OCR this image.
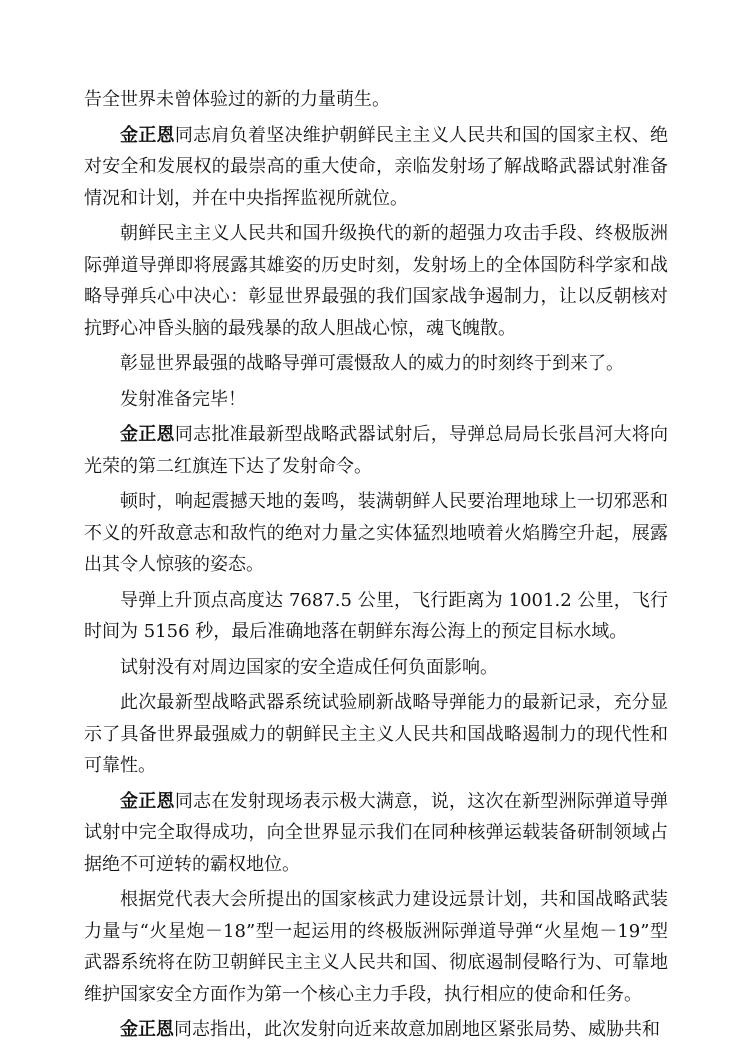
告全世界未曾体验过的新的力量萌生。

金正恩同志肩负着坚决维护朝鲜民主主义人民共和国的国家主权、绝对安全和发展权的最崇高的重大使命，亲临发射场了解战略武器试射准备情况和计划，并在中央指挥监视所就位。

朝鲜民主主义人民共和国升级换代的新的超强力攻击手段、终极版洲际弹道导弹即将展露其雄姿的历史时刻，发射场上的全体国防科学家和战略导弹兵心中决心：彰显世界最强的我们国家战争遏制力，让以反朝核对抗野心冲昏头脑的最残暴的敌人胆战心惊，魂飞魄散。

彰显世界最强的战略导弹可震慑敌人的威力的时刻终于到来了。

发射准备完毕！

金正恩同志批准最新型战略武器试射后，导弹总局局长张昌河大将向光荣的第二红旗连下达了发射命令。

顿时，响起震撼天地的轰鸣，装满朝鲜人民要治理地球上一切邪恶和不义的歼敌意志和敌忾的绝对力量之实体猛烈地喷着火焰腾空升起，展露出其令人惊骇的姿态。

导弹上升顶点高度达 7687.5 公里，飞行距离为 1001.2 公里，飞行时间为 5156 秒，最后准确地落在朝鲜东海公海上的预定目标水域。

试射没有对周边国家的安全造成任何负面影响。

此次最新型战略武器系统试验刷新战略导弹能力的最新记录，充分显示了具备世界最强威力的朝鲜民主主义人民共和国战略遏制力的现代性和可靠性。

金正恩同志在发射现场表示极大满意，说，这次在新型洲际弹道导弹试射中完全取得成功，向全世界显示我们在同种核弹运载装备研制领域占据绝不可逆转的霸权地位。

根据党代表大会所提出的国家核武力建设远景计划，共和国战略武装力量与“火星炮－18”型一起运用的终极版洲际弹道导弹“火星炮－19”型武器系统将在防卫朝鲜民主主义人民共和国、彻底遏制侵略行为、可靠地维护国家安全方面作为第一个核心主力手段，执行相应的使命和任务。

金正恩同志指出，此次发射向近来故意加剧地区紧张局势、威胁共和
